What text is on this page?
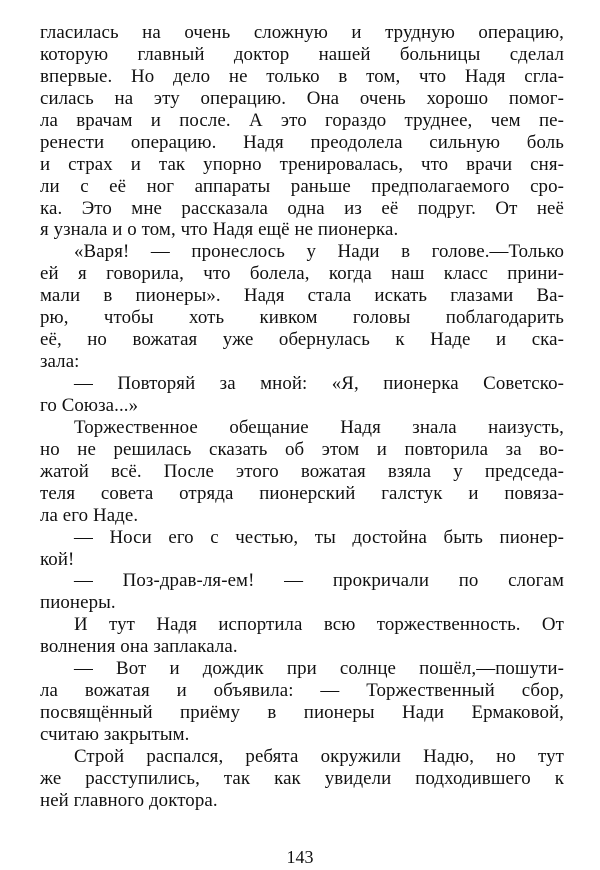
гласилась на очень сложную и трудную операцию,
которую главный доктор нашей больницы сделал
впервые. Но дело не только в том, что Надя сгла-
силась на эту операцию. Она очень хорошо помог-
ла врачам и после. А это гораздо труднее, чем пе-
ренести операцию. Надя преодолела сильную боль
и страх и так упорно тренировалась, что врачи сня-
ли с её ног аппараты раньше предполагаемого сро-
ка. Это мне рассказала одна из её подруг. От неё
я узнала и о том, что Надя ещё не пионерка.
«Варя! — пронеслось у Нади в голове.—Только
ей я говорила, что болела, когда наш класс прини-
мали в пионеры». Надя стала искать глазами Ва-
рю, чтобы хоть кивком головы поблагодарить
её, но вожатая уже обернулась к Наде и ска-
зала:
— Повторяй за мной: «Я, пионерка Советско-
го Союза...»
Торжественное обещание Надя знала наизусть,
но не решилась сказать об этом и повторила за во-
жатой всё. После этого вожатая взяла у председа-
теля совета отряда пионерский галстук и повяза-
ла его Наде.
— Носи его с честью, ты достойна быть пионер-
кой!
— Поз-драв-ля-ем! — прокричали по слогам
пионеры.
И тут Надя испортила всю торжественность. От
волнения она заплакала.
— Вот и дождик при солнце пошёл,—пошути-
ла вожатая и объявила: — Торжественный сбор,
посвящённый приёму в пионеры Нади Ермаковой,
считаю закрытым.
Строй распался, ребята окружили Надю, но тут
же расступились, так как увидели подходившего к
ней главного доктора.
143
